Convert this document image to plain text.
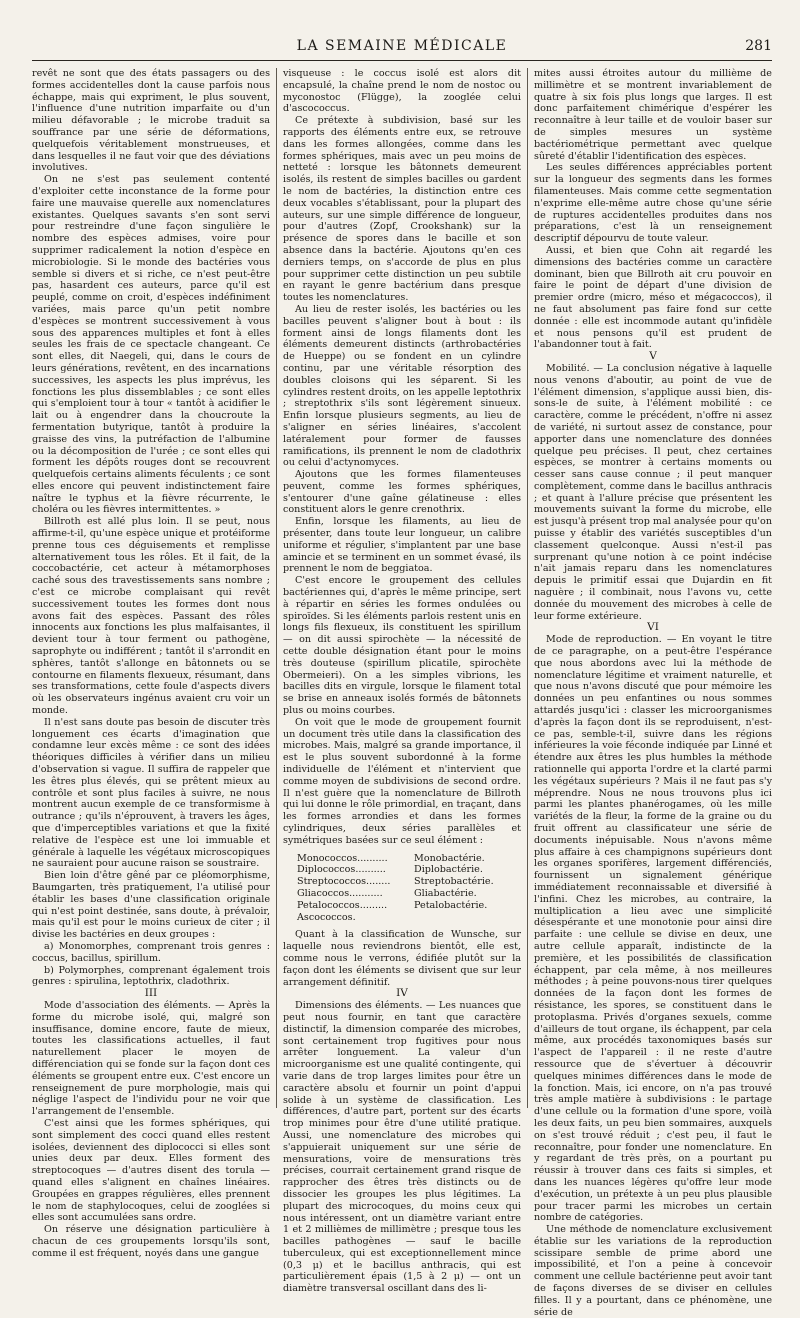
LA SEMAINE MÉDICALE	281

revêt ne sont que des états passagers ou des formes accidentelles dont la cause parfois nous échappe, mais qui expriment, le plus souvent, l'influence d'une nutrition imparfaite ou d'un milieu défavorable ; le microbe traduit sa souffrance par une série de déformations, quelquefois véritablement monstrueuses, et dans lesquelles il ne faut voir que des déviations involutives.

On ne s'est pas seulement contenté d'exploiter cette inconstance de la forme pour faire une mauvaise querelle aux nomenclatures existantes. Quelques savants s'en sont servi pour restreindre d'une façon singulière le nombre des espèces admises, voire pour supprimer radicalement la notion d'espèce en microbiologie. Si le monde des bactéries vous semble si divers et si riche, ce n'est peut-être pas, hasardent ces auteurs, parce qu'il est peuplé, comme on croit, d'espèces indéfiniment variées, mais parce qu'un petit nombre d'espèces se montrent successivement à vous sous des apparences multiples et font à elles seules les frais de ce spectacle changeant. Ce sont elles, dit Naegeli, qui, dans le cours de leurs générations, revêtent, en des incarnations successives, les aspects les plus imprévus, les fonctions les plus dissemblables ; ce sont elles qui s'emploient tour à tour « tantôt à acidifier le lait ou à engendrer dans la choucroute la fermentation butyrique, tantôt à produire la graisse des vins, la putréfaction de l'albumine ou la décomposition de l'urée ; ce sont elles qui forment les dépôts rouges dont se recouvrent quelquefois certains aliments féculents ; ce sont elles encore qui peuvent indistinctement faire naître le typhus et la fièvre récurrente, le choléra ou les fièvres intermittentes. »

Billroth est allé plus loin. Il se peut, nous affirme-t-il, qu'une espèce unique et protéiforme prenne tous ces déguisements et remplisse alternativement tous les rôles. Et il fait, de la coccobactérie, cet acteur à métamorphoses caché sous des travestissements sans nombre ; c'est ce microbe complaisant qui revêt successivement toutes les formes dont nous avons fait des espèces. Passant des rôles innocents aux fonctions les plus malfaisantes, il devient tour à tour ferment ou pathogène, saprophyte ou indifférent ; tantôt il s'arrondit en sphères, tantôt s'allonge en bâtonnets ou se contourne en filaments flexueux, résumant, dans ses transformations, cette foule d'aspects divers où les observateurs ingénus avaient cru voir un monde.

Il n'est sans doute pas besoin de discuter très longuement ces écarts d'imagination que condamne leur excès même : ce sont des idées théoriques difficiles à vérifier dans un milieu d'observation si vague. Il suffira de rappeler que les êtres plus élevés, qui se prêtent mieux au contrôle et sont plus faciles à suivre, ne nous montrent aucun exemple de ce transformisme à outrance ; qu'ils n'éprouvent, à travers les âges, que d'imperceptibles variations et que la fixité relative de l'espèce est une loi immuable et générale à laquelle les végétaux microscopiques ne sauraient pour aucune raison se soustraire.

Bien loin d'être gêné par ce pléomorphisme, Baumgarten, très pratiquement, l'a utilisé pour établir les bases d'une classification originale qui n'est point destinée, sans doute, à prévaloir, mais qu'il est pour le moins curieux de citer ; il divise les bactéries en deux groupes :

a) Monomorphes, comprenant trois genres : coccus, bacillus, spirillum.

b) Polymorphes, comprenant également trois genres : spirulina, leptothrix, cladothrix.

III

Mode d'association des éléments. — Après la forme du microbe isolé, qui, malgré son insuffisance, domine encore, faute de mieux, toutes les classifications actuelles, il faut naturellement placer le moyen de différenciation qui se fonde sur la façon dont ces éléments se groupent entre eux. C'est encore un renseignement de pure morphologie, mais qui néglige l'aspect de l'individu pour ne voir que l'arrangement de l'ensemble.

C'est ainsi que les formes sphériques, qui sont simplement des cocci quand elles restent isolées, deviennent des diplococci si elles sont unies deux par deux. Elles forment des streptocoques — d'autres disent des torula — quand elles s'alignent en chaînes linéaires. Groupées en grappes régulières, elles prennent le nom de staphylocoques, celui de zooglées si elles sont accumulées sans ordre.

On réserve une désignation particulière à chacun de ces groupements lorsqu'ils sont, comme il est fréquent, noyés dans une gangue

visqueuse : le coccus isolé est alors dit encapsulé, la chaîne prend le nom de nostoc ou myconostoc (Flügge), la zooglée celui d'ascococcus.

Ce prétexte à subdivision, basé sur les rapports des éléments entre eux, se retrouve dans les formes allongées, comme dans les formes sphériques, mais avec un peu moins de netteté : lorsque les bâtonnets demeurent isolés, ils restent de simples bacilles ou gardent le nom de bactéries, la distinction entre ces deux vocables s'établissant, pour la plupart des auteurs, sur une simple différence de longueur, pour d'autres (Zopf, Crookshank) sur la présence de spores dans le bacille et son absence dans la bactérie. Ajoutons qu'en ces derniers temps, on s'accorde de plus en plus pour supprimer cette distinction un peu subtile en rayant le genre bactérium dans presque toutes les nomenclatures.

Au lieu de rester isolés, les bactéries ou les bacilles peuvent s'aligner bout à bout : ils forment ainsi de longs filaments dont les éléments demeurent distincts (arthrobactéries de Hueppe) ou se fondent en un cylindre continu, par une véritable résorption des doubles cloisons qui les séparent. Si les cylindres restent droits, on les appelle leptothrix ; streptothrix s'ils sont légèrement sinueux. Enfin lorsque plusieurs segments, au lieu de s'aligner en séries linéaires, s'accolent latéralement pour former de fausses ramifications, ils prennent le nom de cladothrix ou celui d'actynomyces.

Ajoutons que les formes filamenteuses peuvent, comme les formes sphériques, s'entourer d'une gaîne gélatineuse : elles constituent alors le genre crenothrix.

Enfin, lorsque les filaments, au lieu de présenter, dans toute leur longueur, un calibre uniforme et régulier, s'implantent par une base amincie et se terminent en un sommet évasé, ils prennent le nom de beggiatoa.

C'est encore le groupement des cellules bactériennes qui, d'après le même principe, sert à répartir en séries les formes ondulées ou spiroïdes. Si les éléments parlois restent unis en longs fils flexueux, ils constituent les spirillum — on dit aussi spirochète — la nécessité de cette double désignation étant pour le moins très douteuse (spirillum plicatile, spirochète Obermeieri). On a les simples vibrions, les bacilles dits en virgule, lorsque le filament total se brise en anneaux isolés formés de bâtonnets plus ou moins courbes.

On voit que le mode de groupement fournit un document très utile dans la classification des microbes. Mais, malgré sa grande importance, il est le plus souvent subordonné à la forme individuelle de l'élément et n'intervient que comme moyen de subdivisions de second ordre. Il n'est guère que la nomenclature de Billroth qui lui donne le rôle primordial, en traçant, dans les formes arrondies et dans les formes cylindriques, deux séries parallèles et symétriques basées sur ce seul élément :

Monococcos..........	Monobactérie.
Diplococcos..........	Diplobactérie.
Streptococcos........	Streptobactérie.
Gliacoccos...........	Gliabactérie.
Petalococcos.........	Petalobactérie.
Ascococcos.

Quant à la classification de Wunsche, sur laquelle nous reviendrons bientôt, elle est, comme nous le verrons, édifiée plutôt sur la façon dont les éléments se divisent que sur leur arrangement définitif.

IV

Dimensions des éléments. — Les nuances que peut nous fournir, en tant que caractère distinctif, la dimension comparée des microbes, sont certainement trop fugitives pour nous arrêter longuement. La valeur d'un microorganisme est une qualité contingente, qui varie dans de trop larges limites pour être un caractère absolu et fournir un point d'appui solide à un système de classification. Les différences, d'autre part, portent sur des écarts trop minimes pour être d'une utilité pratique. Aussi, une nomenclature des microbes qui s'appuierait uniquement sur une série de mensurations, voire de mensurations très précises, courrait certainement grand risque de rapprocher des êtres très distincts ou de dissocier les groupes les plus légitimes. La plupart des microcoques, du moins ceux qui nous intéressent, ont un diamètre variant entre 1 et 2 millièmes de millimètre ; presque tous les bacilles pathogènes — sauf le bacille tuberculeux, qui est exceptionnellement mince (0,3 μ) et le bacillus anthracis, qui est particulièrement épais (1,5 à 2 μ) — ont un diamètre transversal oscillant dans des li-

mites aussi étroites autour du millième de millimètre et se montrent invariablement de quatre à six fois plus longs que larges. Il est donc parfaitement chimérique d'espérer les reconnaître à leur taille et de vouloir baser sur de simples mesures un système bactériométrique permettant avec quelque sûreté d'établir l'identification des espèces.

Les seules différences appréciables portent sur la longueur des segments dans les formes filamenteuses. Mais comme cette segmentation n'exprime elle-même autre chose qu'une série de ruptures accidentelles produites dans nos préparations, c'est là un renseignement descriptif dépourvu de toute valeur.

Aussi, et bien que Cohn ait regardé les dimensions des bactéries comme un caractère dominant, bien que Billroth ait cru pouvoir en faire le point de départ d'une division de premier ordre (micro, méso et mégacoccos), il ne faut absolument pas faire fond sur cette donnée : elle est incommode autant qu'infidèle et nous pensons qu'il est prudent de l'abandonner tout à fait.

V

Mobilité. — La conclusion négative à laquelle nous venons d'aboutir, au point de vue de l'élément dimension, s'applique aussi bien, dis-sons-le de suite, à l'élément mobilité : ce caractère, comme le précédent, n'offre ni assez de variété, ni surtout assez de constance, pour apporter dans une nomenclature des données quelque peu précises. Il peut, chez certaines espèces, se montrer à certains moments ou cesser sans cause connue ; il peut manquer complètement, comme dans le bacillus anthracis ; et quant à l'allure précise que présentent les mouvements suivant la forme du microbe, elle est jusqu'à présent trop mal analysée pour qu'on puisse y établir des variétés susceptibles d'un classement quelconque. Aussi n'est-il pas surprenant qu'une notion à ce point indécise n'ait jamais reparu dans les nomenclatures depuis le primitif essai que Dujardin en fit naguère ; il combinait, nous l'avons vu, cette donnée du mouvement des microbes à celle de leur forme extérieure.

VI

Mode de reproduction. — En voyant le titre de ce paragraphe, on a peut-être l'espérance que nous abordons avec lui la méthode de nomenclature légitime et vraiment naturelle, et que nous n'avons discuté que pour mémoire les données un peu enfantines ou nous sommes attardés jusqu'ici : classer les microorganismes d'après la façon dont ils se reproduisent, n'est-ce pas, semble-t-il, suivre dans les régions inférieures la voie féconde indiquée par Linné et étendre aux êtres les plus humbles la méthode rationnelle qui apporta l'ordre et la clarté parmi les végétaux supérieurs ? Mais il ne faut pas s'y méprendre. Nous ne nous trouvons plus ici parmi les plantes phanérogames, où les mille variétés de la fleur, la forme de la graine ou du fruit offrent au classificateur une série de documents inépuisable. Nous n'avons même plus affaire à ces champignons supérieurs dont les organes sporifères, largement différenciés, fournissent un signalement générique immédiatement reconnaissable et diversifié à l'infini. Chez les microbes, au contraire, la multiplication a lieu avec une simplicité désespérante et une monotonie pour ainsi dire parfaite : une cellule se divise en deux, une autre cellule apparaît, indistincte de la première, et les possibilités de classification échappent, par cela même, à nos meilleures méthodes ; à peine pouvons-nous tirer quelques données de la façon dont les formes de résistance, les spores, se constituent dans le protoplasma. Privés d'organes sexuels, comme d'ailleurs de tout organe, ils échappent, par cela même, aux procédés taxonomiques basés sur l'aspect de l'appareil : il ne reste d'autre ressource que de s'évertuer à découvrir quelques minimes différences dans le mode de la fonction. Mais, ici encore, on n'a pas trouvé très ample matière à subdivisions : le partage d'une cellule ou la formation d'une spore, voilà les deux faits, un peu bien sommaires, auxquels on s'est trouvé réduit ; c'est peu, il faut le reconnaître, pour fonder une nomenclature. En y regardant de très près, on a pourtant pu réussir à trouver dans ces faits si simples, et dans les nuances légères qu'offre leur mode d'exécution, un prétexte à un peu plus plausible pour tracer parmi les microbes un certain nombre de catégories.

Une méthode de nomenclature exclusivement établie sur les variations de la reproduction scissipare semble de prime abord une impossibilité, et l'on a peine à concevoir comment une cellule bactérienne peut avoir tant de façons diverses de se diviser en cellules filles. Il y a pourtant, dans ce phénomène, une série de
